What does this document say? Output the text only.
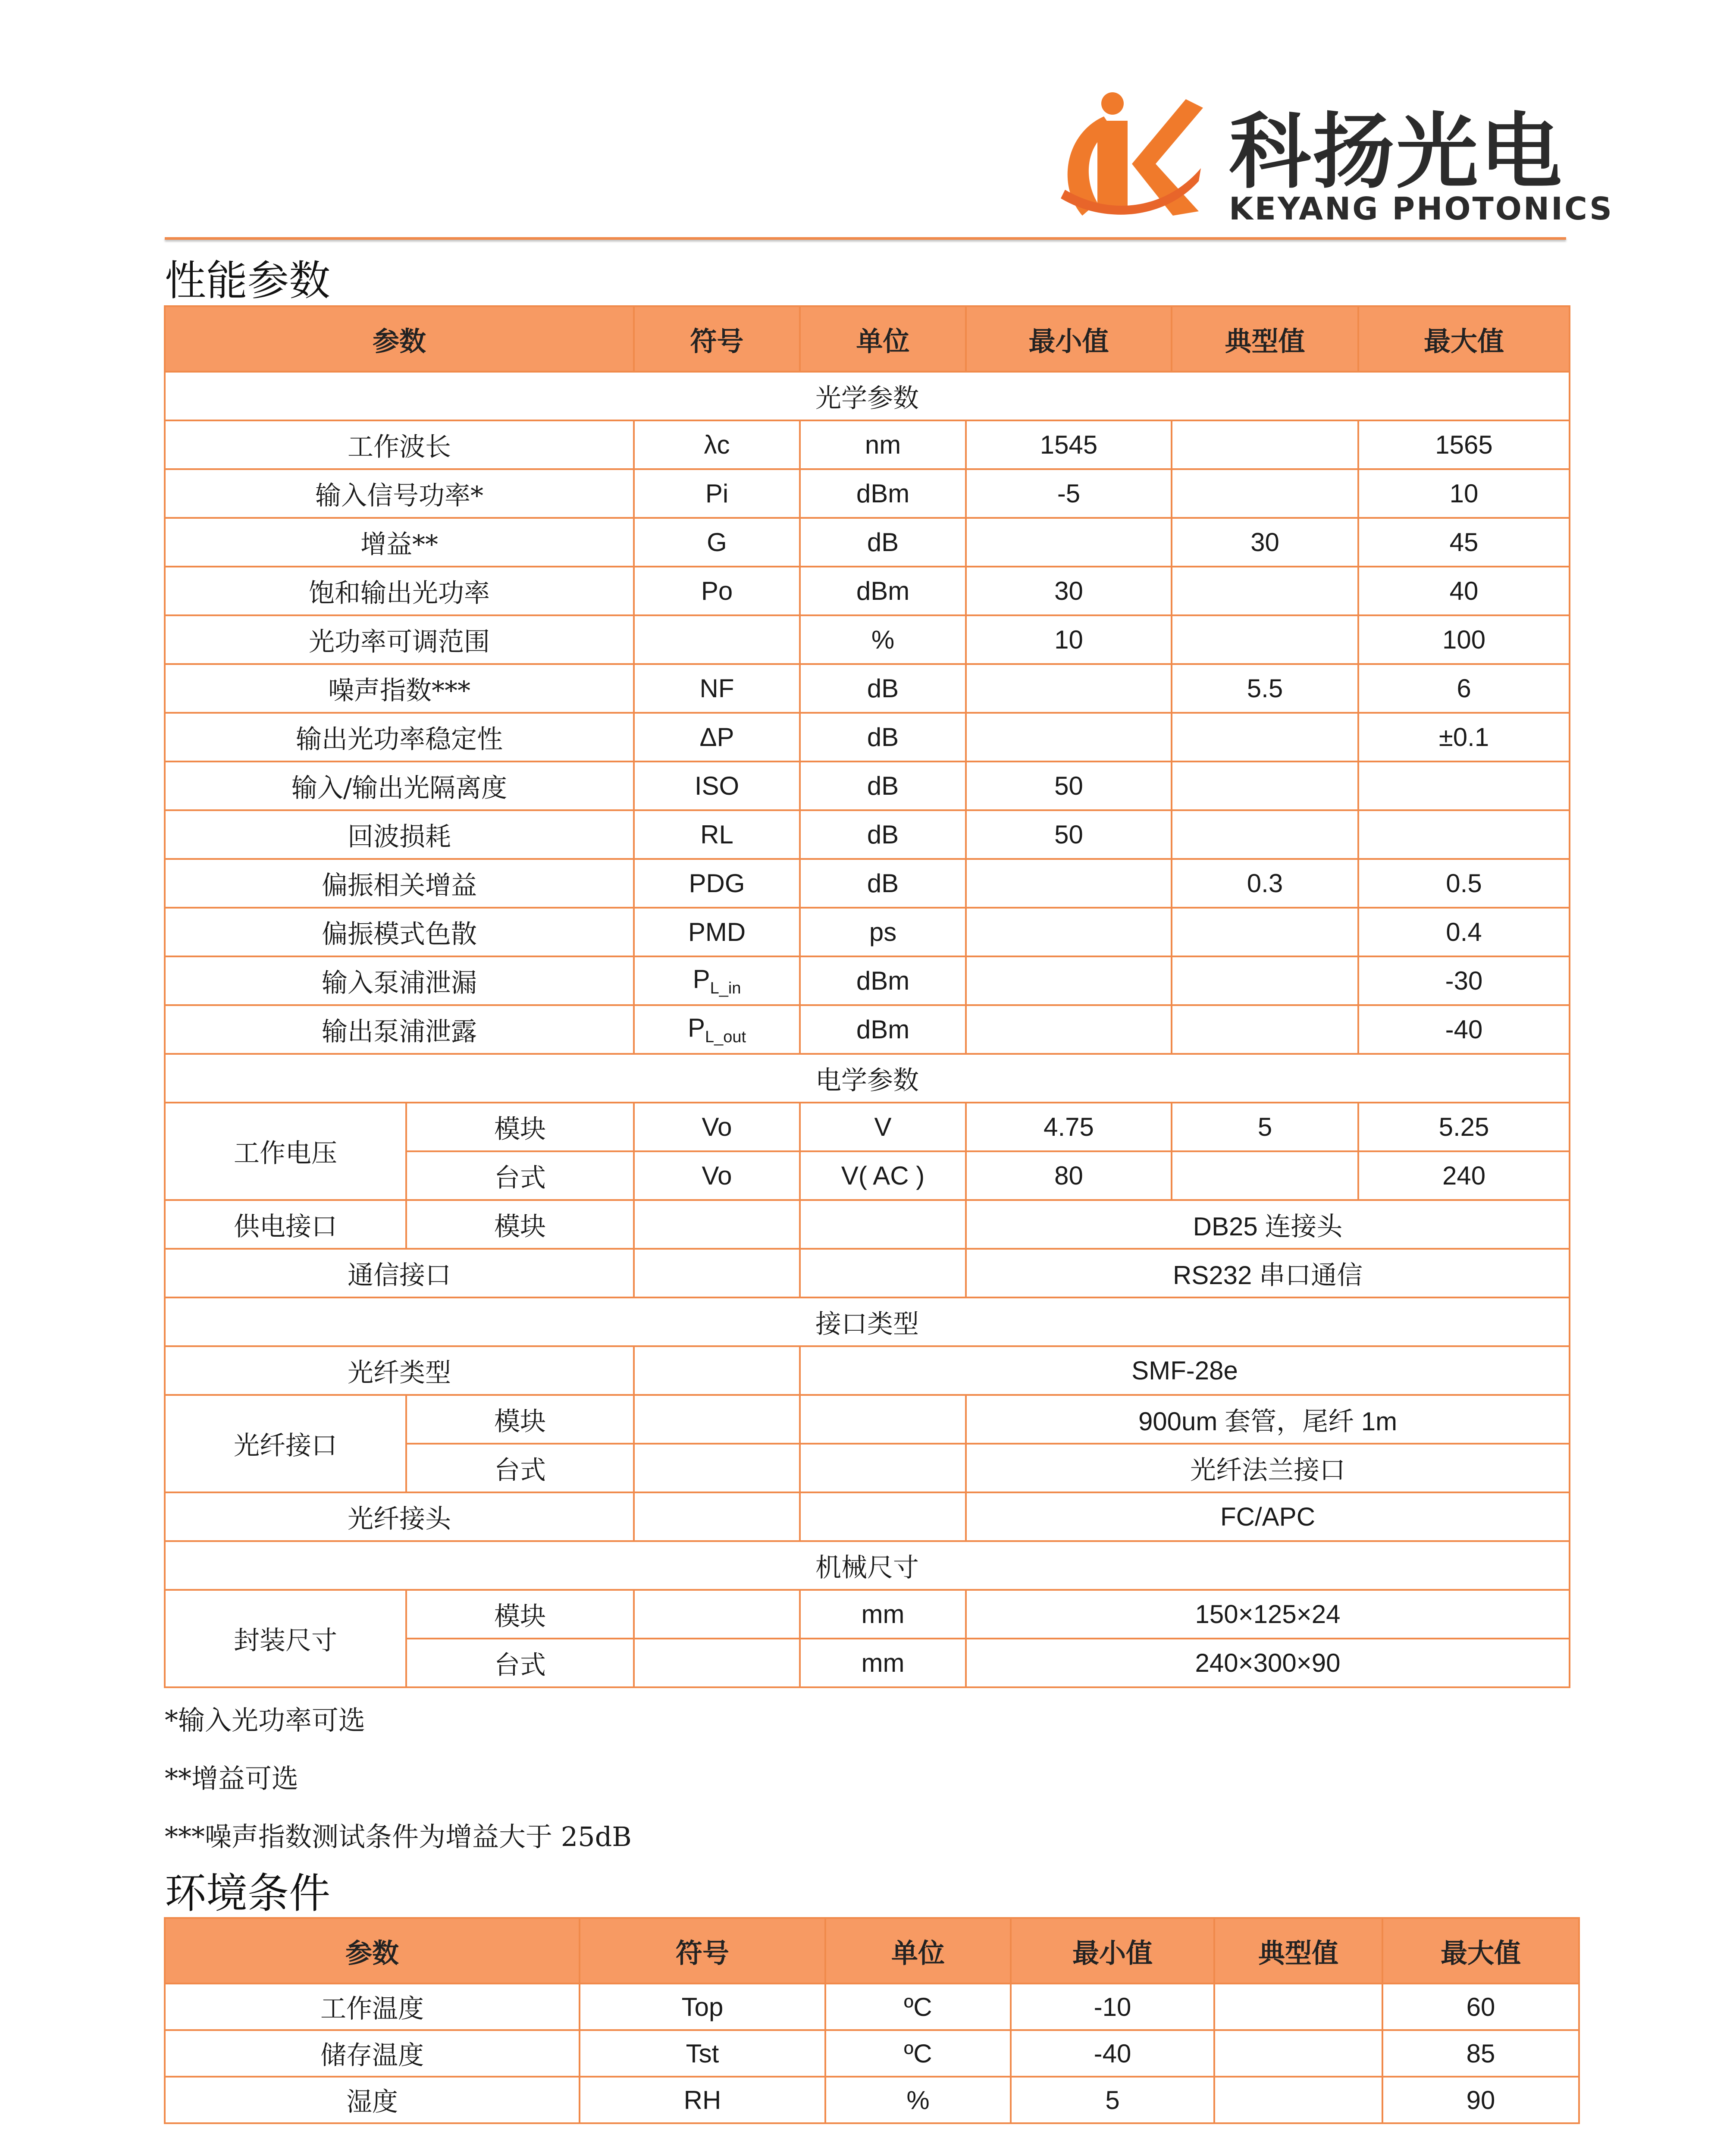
科扬光电
KEYANG PHOTONICS
性能参数
参数		符号	单位	最小值	典型值	最大值
光学参数						
工作波长		λc	nm	1545		1565
输入信号功率*		Pi	dBm	-5		10
增益**		G	dB		30	45
饱和输出光功率		Po	dBm	30		40
光功率可调范围			%	10		100
噪声指数***		NF	dB		5.5	6
输出光功率稳定性		ΔP	dB			±0.1
输入/输出光隔离度		ISO	dB	50		
回波损耗		RL	dB	50		
偏振相关增益		PDG	dB		0.3	0.5
偏振模式色散		PMD	ps			0.4
输入泵浦泄漏		$P_{L\_in}$	dBm			-30
输出泵浦泄露		$P_{L\_out}$	dBm			-40
电学参数						
工作电压	模块	Vo	V	4.75	5	5.25
	台式	Vo	V( AC )	80		240
供电接口	模块			DB25 连接头		
通信接口				RS232 串口通信		
接口类型						
光纤类型			SMF-28e			
光纤接口	模块			900um 套管，尾纤 1m		
	台式			光纤法兰接口		
光纤接头				FC/APC		
机械尺寸						
封装尺寸	模块		mm	150×125×24		
	台式		mm	240×300×90		
*输入光功率可选
**增益可选
***噪声指数测试条件为增益大于 25dB
环境条件
参数	符号	单位	最小值	典型值	最大值
工作温度	Top	ºC	-10		60
储存温度	Tst	ºC	-40		85
湿度	RH	%	5		90
